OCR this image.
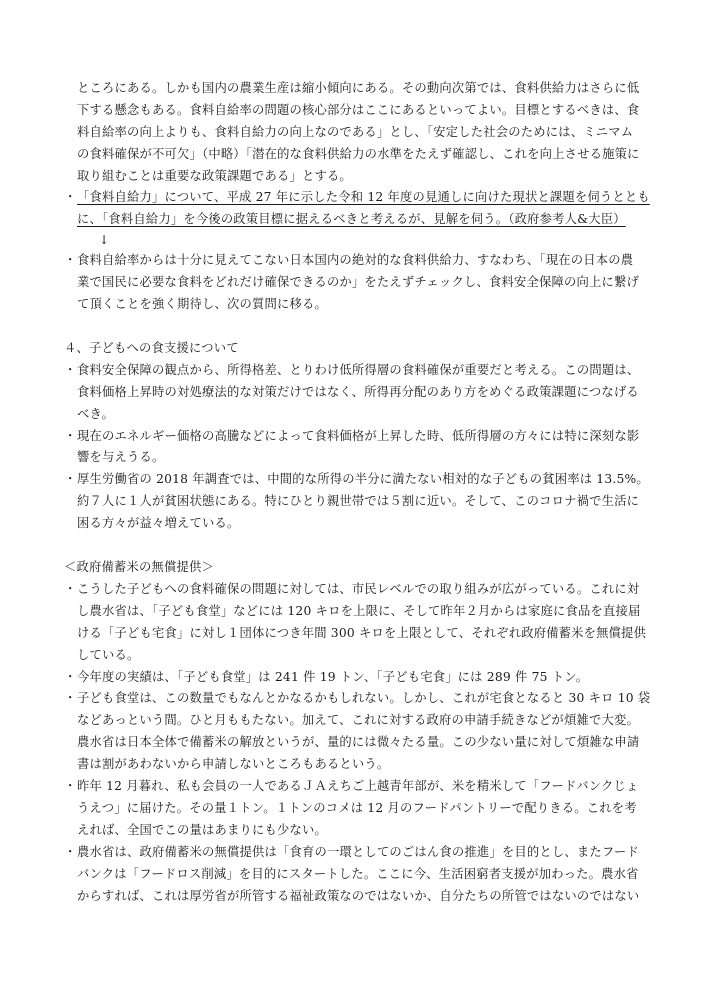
ところにある。しかも国内の農業生産は縮小傾向にある。その動向次第では、食料供給力はさらに低
下する懸念もある。食料自給率の問題の核心部分はここにあるといってよい。目標とするべきは、食
料自給率の向上よりも、食料自給力の向上なのである」とし、「安定した社会のためには、ミニマム
の食料確保が不可欠」（中略）「潜在的な食料供給力の水準をたえず確認し、これを向上させる施策に
取り組むことは重要な政策課題である」とする。
・ 「食料自給力」について、平成 27 年に示した令和 12 年度の見通しに向けた現状と課題を伺うととも
に、「食料自給力」を今後の政策目標に据えるべきと考えるが、見解を伺う。（政府参考人&大臣）
↓
・ 食料自給率からは十分に見えてこない日本国内の絶対的な食料供給力、すなわち、「現在の日本の農
業で国民に必要な食料をどれだけ確保できるのか」をたえずチェックし、食料安全保障の向上に繋げ
て頂くことを強く期待し、次の質問に移る。
４、子どもへの食支援について
・ 食料安全保障の観点から、所得格差、とりわけ低所得層の食料確保が重要だと考える。この問題は、
食料価格上昇時の対処療法的な対策だけではなく、所得再分配のあり方をめぐる政策課題につなげる
べき。
・ 現在のエネルギー価格の高騰などによって食料価格が上昇した時、低所得層の方々には特に深刻な影
響を与えうる。
・ 厚生労働省の 2018 年調査では、中間的な所得の半分に満たない相対的な子どもの貧困率は 13.5%。
約７人に１人が貧困状態にある。特にひとり親世帯では５割に近い。そして、このコロナ禍で生活に
困る方々が益々増えている。
＜政府備蓄米の無償提供＞
・ こうした子どもへの食料確保の問題に対しては、市民レベルでの取り組みが広がっている。これに対
し農水省は、「子ども食堂」などには 120 キロを上限に、そして昨年２月からは家庭に食品を直接届
ける「子ども宅食」に対し１団体につき年間 300 キロを上限として、それぞれ政府備蓄米を無償提供
している。
・ 今年度の実績は、「子ども食堂」は 241 件 19 トン、「子ども宅食」には 289 件 75 トン。
・ 子ども食堂は、この数量でもなんとかなるかもしれない。しかし、これが宅食となると 30 キロ 10 袋
などあっという間。ひと月ももたない。加えて、これに対する政府の申請手続きなどが煩雑で大変。
農水省は日本全体で備蓄米の解放というが、量的には微々たる量。この少ない量に対して煩雑な申請
書は割があわないから申請しないところもあるという。
・ 昨年 12 月暮れ、私も会員の一人であるＪＡえちご上越青年部が、米を精米して「フードバンクじょ
うえつ」に届けた。その量１トン。１トンのコメは 12 月のフードパントリーで配りきる。これを考
えれば、全国でこの量はあまりにも少ない。
・ 農水省は、政府備蓄米の無償提供は「食育の一環としてのごはん食の推進」を目的とし、またフード
バンクは「フードロス削減」を目的にスタートした。ここに今、生活困窮者支援が加わった。農水省
からすれば、これは厚労省が所管する福祉政策なのではないか、自分たちの所管ではないのではない
